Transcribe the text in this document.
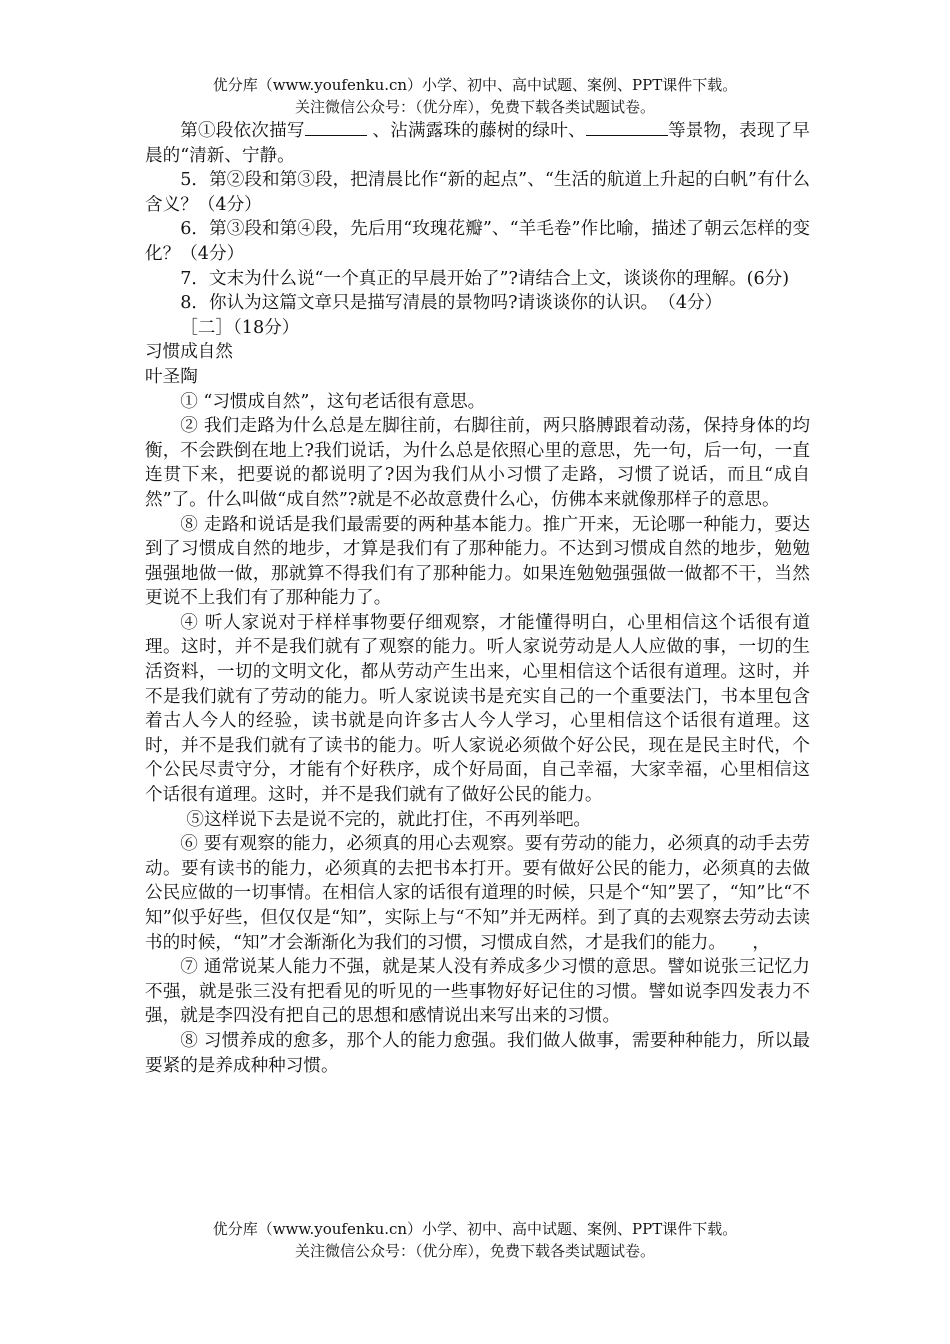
优分库（www.youfenku.cn）小学、初中、高中试题、案例、PPT课件下载。
关注微信公众号：（优分库），免费下载各类试题试卷。

第①段依次描写	、沾满露珠的藤树的绿叶、	等景物，表现了早晨的“清新、宁静。

5．第②段和第③段，把清晨比作“新的起点”、“生活的航道上升起的白帆”有什么含义？（4分）

6．第③段和第④段，先后用“玫瑰花瓣”、“羊毛卷”作比喻，描述了朝云怎样的变化？（4分）

7．文末为什么说“一个真正的早晨开始了”?请结合上文，谈谈你的理解。(6分)

8．你认为这篇文章只是描写清晨的景物吗?请谈谈你的认识。　（4分）

［二］（18分）

习惯成自然

叶圣陶

① “习惯成自然”，这句老话很有意思。

② 我们走路为什么总是左脚往前，右脚往前，两只胳膊跟着动荡，保持身体的均衡，不会跌倒在地上?我们说话，为什么总是依照心里的意思，先一句，后一句，一直连贯下来，把要说的都说明了?因为我们从小习惯了走路，习惯了说话，而且“成自然”了。什么叫做“成自然”?就是不必故意费什么心，仿佛本来就像那样子的意思。

⑧ 走路和说话是我们最需要的两种基本能力。推广开来，无论哪一种能力，要达到了习惯成自然的地步，才算是我们有了那种能力。不达到习惯成自然的地步，勉勉强强地做一做，那就算不得我们有了那种能力。如果连勉勉强强做一做都不干，当然更说不上我们有了那种能力了。

④ 听人家说对于样样事物要仔细观察，才能懂得明白，心里相信这个话很有道理。这时，并不是我们就有了观察的能力。听人家说劳动是人人应做的事，一切的生活资料，一切的文明文化，都从劳动产生出来，心里相信这个话很有道理。这时，并不是我们就有了劳动的能力。听人家说读书是充实自己的一个重要法门，书本里包含着古人今人的经验，读书就是向许多古人今人学习，心里相信这个话很有道理。这时，并不是我们就有了读书的能力。听人家说必须做个好公民，现在是民主时代，个个公民尽责守分，才能有个好秩序，成个好局面，自己幸福，大家幸福，心里相信这个话很有道理。这时，并不是我们就有了做好公民的能力。

⑤这样说下去是说不完的，就此打住，不再列举吧。

⑥ 要有观察的能力，必须真的用心去观察。要有劳动的能力，必须真的动手去劳动。要有读书的能力，必须真的去把书本打开。要有做好公民的能力，必须真的去做公民应做的一切事情。在相信人家的话很有道理的时候，只是个“知”罢了，“知”比“不知”似乎好些，但仅仅是“知”，实际上与“不知”并无两样。到了真的去观察去劳动去读书的时候，“知”才会渐渐化为我们的习惯，习惯成自然，才是我们的能力。　　，

⑦ 通常说某人能力不强，就是某人没有养成多少习惯的意思。譬如说张三记忆力不强，就是张三没有把看见的听见的一些事物好好记住的习惯。譬如说李四发表力不强，就是李四没有把自己的思想和感情说出来写出来的习惯。

⑧ 习惯养成的愈多，那个人的能力愈强。我们做人做事，需要种种能力，所以最要紧的是养成种种习惯。

优分库（www.youfenku.cn）小学、初中、高中试题、案例、PPT课件下载。
关注微信公众号：（优分库），免费下载各类试题试卷。
